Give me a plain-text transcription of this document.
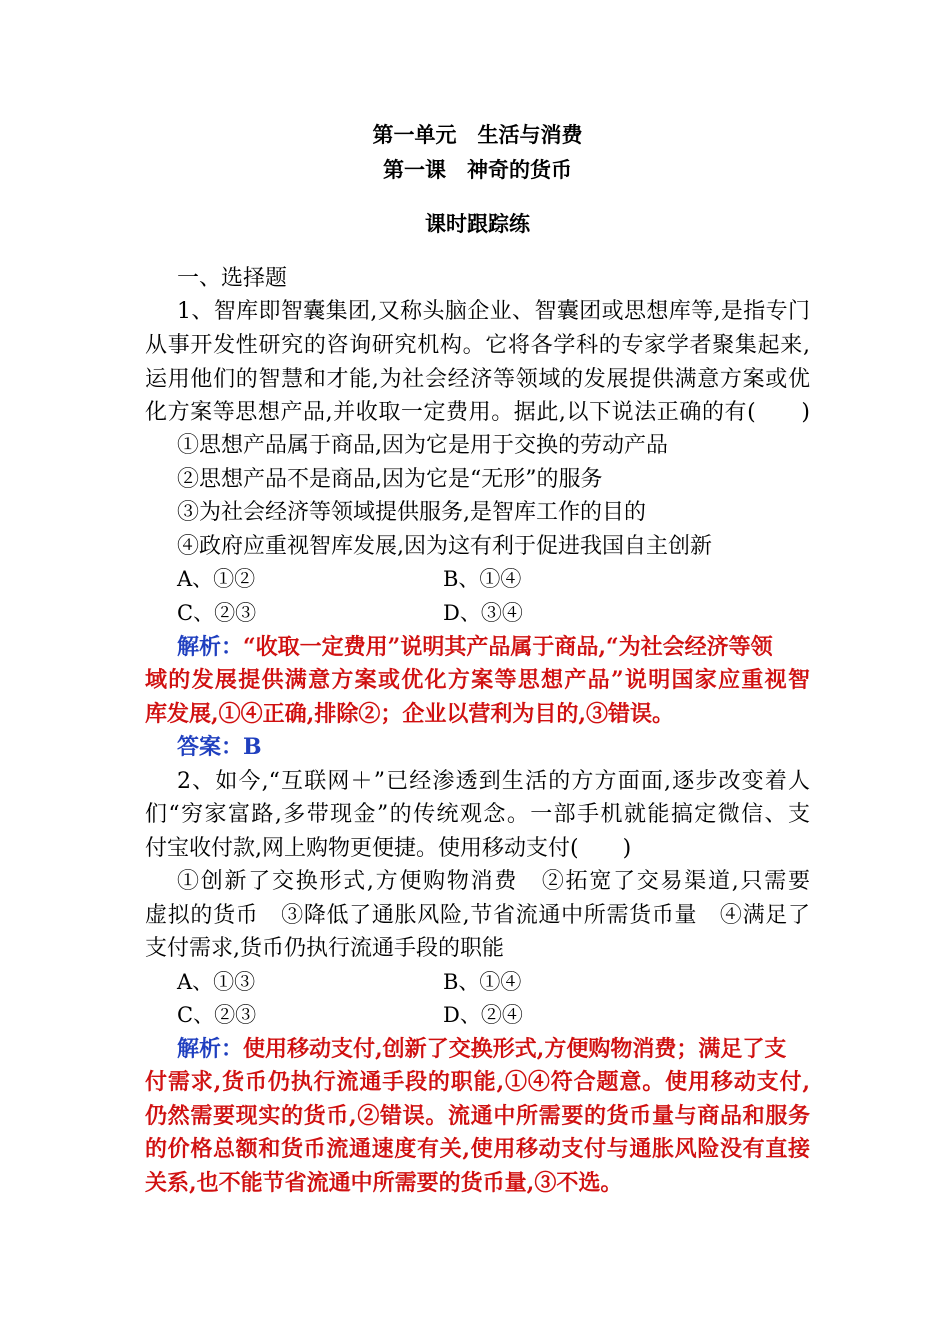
第一单元　生活与消费
第一课　神奇的货币
课时跟踪练
一、选择题
1、智库即智囊集团,又称头脑企业、智囊团或思想库等,是指专门
从事开发性研究的咨询研究机构。它将各学科的专家学者聚集起来,
运用他们的智慧和才能,为社会经济等领域的发展提供满意方案或优
化方案等思想产品,并收取一定费用。据此,以下说法正确的有(　　)
①思想产品属于商品,因为它是用于交换的劳动产品
②思想产品不是商品,因为它是“无形”的服务
③为社会经济等领域提供服务,是智库工作的目的
④政府应重视智库发展,因为这有利于促进我国自主创新
A、①②	B、①④
C、②③	D、③④
解析：“收取一定费用”说明其产品属于商品,“为社会经济等领
域的发展提供满意方案或优化方案等思想产品”说明国家应重视智
库发展,①④正确,排除②；企业以营利为目的,③错误。
答案：B
2、如今,“互联网＋”已经渗透到生活的方方面面,逐步改变着人
们“穷家富路,多带现金”的传统观念。一部手机就能搞定微信、支
付宝收付款,网上购物更便捷。使用移动支付(　　)
①创新了交换形式,方便购物消费　②拓宽了交易渠道,只需要
虚拟的货币　③降低了通胀风险,节省流通中所需货币量　④满足了
支付需求,货币仍执行流通手段的职能
A、①③	B、①④
C、②③	D、②④
解析：使用移动支付,创新了交换形式,方便购物消费；满足了支
付需求,货币仍执行流通手段的职能,①④符合题意。使用移动支付,
仍然需要现实的货币,②错误。流通中所需要的货币量与商品和服务
的价格总额和货币流通速度有关,使用移动支付与通胀风险没有直接
关系,也不能节省流通中所需要的货币量,③不选。
